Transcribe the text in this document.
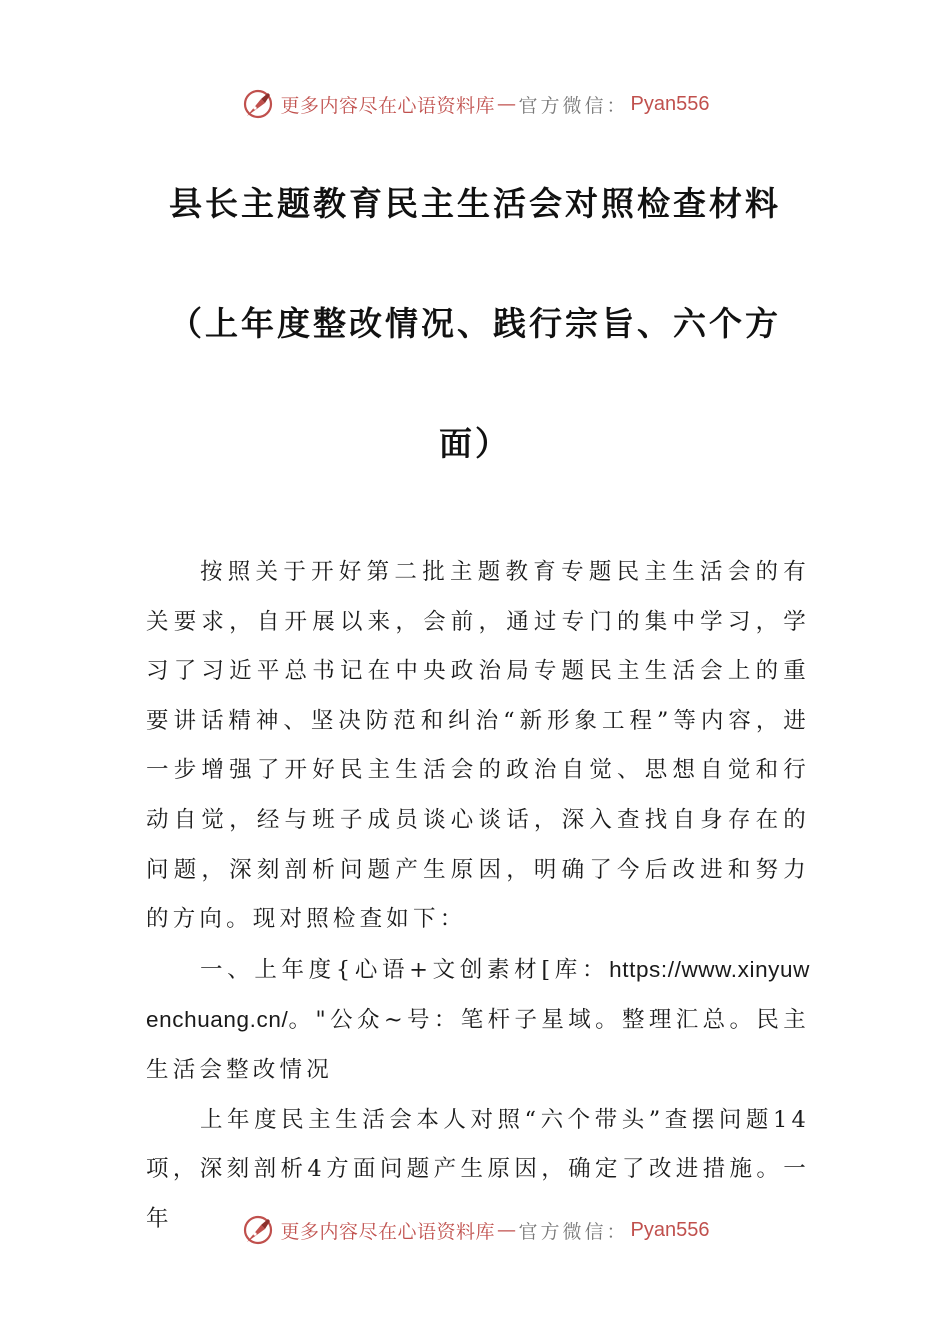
更多内容尽在心语资料库 — 官方微信： Pyan556
县长主题教育民主生活会对照检查材料
（上年度整改情况、践行宗旨、六个方
面）

按照关于开好第二批主题教育专题民主生活会的有关要求，自开展以来，会前，通过专门的集中学习，学习了习近平总书记在中央政治局专题民主生活会上的重要讲话精神、坚决防范和纠治“新形象工程”等内容，进一步增强了开好民主生活会的政治自觉、思想自觉和行动自觉，经与班子成员谈心谈话，深入查找自身存在的问题，深刻剖析问题产生原因，明确了今后改进和努力的方向。现对照检查如下：

一、上年度{心语+文创素材[库：https://www.xinyuwenchuang.cn/。"公众~号：笔杆子星域。整理汇总。民主生活会整改情况

上年度民主生活会本人对照“六个带头”查摆问题14项，深刻剖析4方面问题产生原因，确定了改进措施。一年	更多内容尽在心语资料库 — 官方微信： Pyan556
